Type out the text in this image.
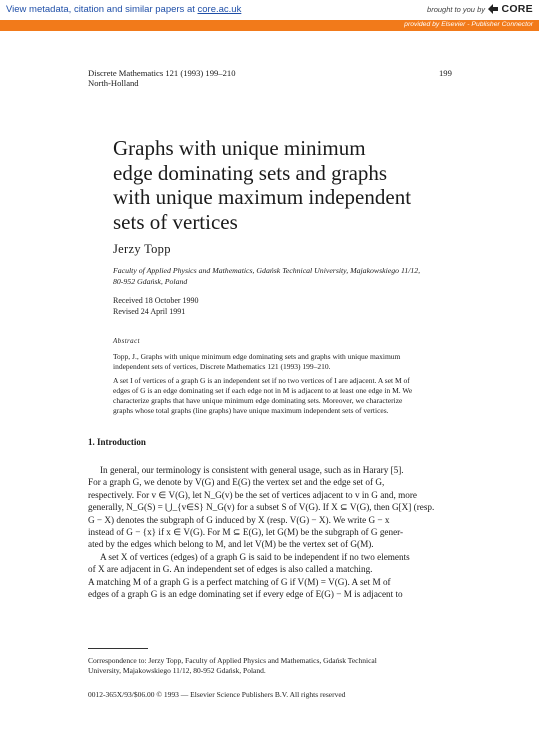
View metadata, citation and similar papers at core.ac.uk	brought to you by CORE
provided by Elsevier - Publisher Connector
Discrete Mathematics 121 (1993) 199–210
North-Holland
199
Graphs with unique minimum
edge dominating sets and graphs
with unique maximum independent
sets of vertices
Jerzy Topp
Faculty of Applied Physics and Mathematics, Gdańsk Technical University, Majakowskiego 11/12,
80-952 Gdańsk, Poland
Received 18 October 1990
Revised 24 April 1991
Abstract
Topp, J., Graphs with unique minimum edge dominating sets and graphs with unique maximum
independent sets of vertices, Discrete Mathematics 121 (1993) 199–210.
A set I of vertices of a graph G is an independent set if no two vertices of I are adjacent. A set M of
edges of G is an edge dominating set if each edge not in M is adjacent to at least one edge in M. We
characterize graphs that have unique minimum edge dominating sets. Moreover, we characterize
graphs whose total graphs (line graphs) have unique maximum independent sets of vertices.
1. Introduction
In general, our terminology is consistent with general usage, such as in Harary [5].
For a graph G, we denote by V(G) and E(G) the vertex set and the edge set of G,
respectively. For v ∈ V(G), let N_G(v) be the set of vertices adjacent to v in G and, more
generally, N_G(S) = ⋃_{v∈S} N_G(v) for a subset S of V(G). If X ⊆ V(G), then G[X] (resp.
G − X) denotes the subgraph of G induced by X (resp. V(G) − X). We write G − x
instead of G − {x} if x ∈ V(G). For M ⊆ E(G), let G(M) be the subgraph of G gener-
ated by the edges which belong to M, and let V(M) be the vertex set of G(M).
A set X of vertices (edges) of a graph G is said to be independent if no two elements
of X are adjacent in G. An independent set of edges is also called a matching.
A matching M of a graph G is a perfect matching of G if V(M) = V(G). A set M of
edges of a graph G is an edge dominating set if every edge of E(G) − M is adjacent to
Correspondence to: Jerzy Topp, Faculty of Applied Physics and Mathematics, Gdańsk Technical
University, Majakowskiego 11/12, 80-952 Gdańsk, Poland.
0012-365X/93/$06.00 © 1993 — Elsevier Science Publishers B.V. All rights reserved
